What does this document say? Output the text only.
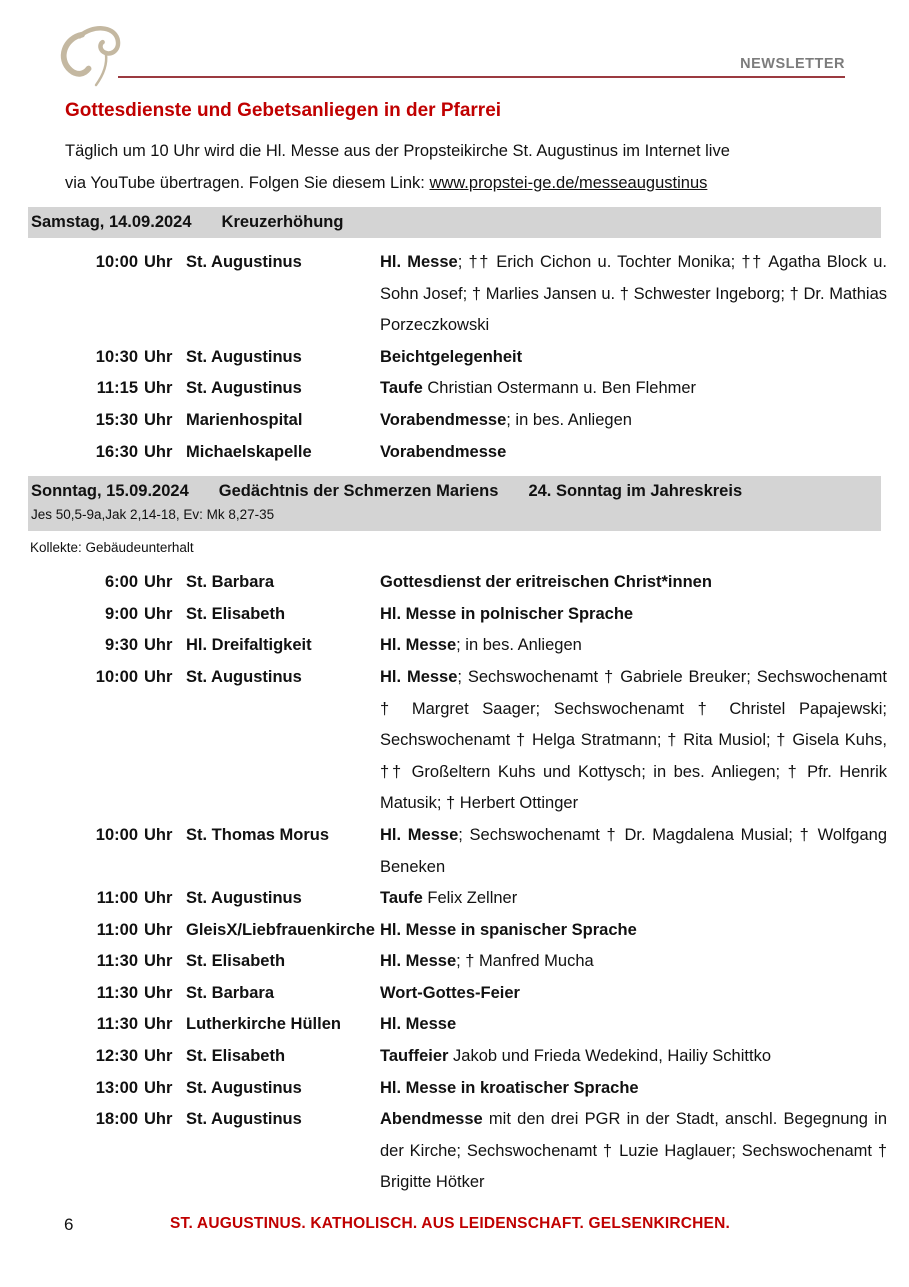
NEWSLETTER
Gottesdienste und Gebetsanliegen in der Pfarrei

Täglich um 10 Uhr wird die Hl. Messe aus der Propsteikirche St. Augustinus im Internet live
via YouTube übertragen. Folgen Sie diesem Link: www.propstei-ge.de/messeaugustinus

Samstag, 14.09.2024 Kreuzerhöhung
10:00 Uhr St. Augustinus	Hl. Messe; †† Erich Cichon u. Tochter Monika; †† Agatha Block u. Sohn Josef; † Marlies Jansen u. † Schwester Ingeborg; † Dr. Mathias Porzeczkowski
10:30 Uhr St. Augustinus	Beichtgelegenheit
11:15 Uhr St. Augustinus	Taufe Christian Ostermann u. Ben Flehmer
15:30 Uhr Marienhospital	Vorabendmesse; in bes. Anliegen
16:30 Uhr Michaelskapelle	Vorabendmesse
Sonntag, 15.09.2024 Gedächtnis der Schmerzen Mariens 24. Sonntag im Jahreskreis
Jes 50,5-9a,Jak 2,14-18, Ev: Mk 8,27-35
Kollekte: Gebäudeunterhalt
6:00 Uhr St. Barbara	Gottesdienst der eritreischen Christ*innen
9:00 Uhr St. Elisabeth	Hl. Messe in polnischer Sprache
9:30 Uhr Hl. Dreifaltigkeit	Hl. Messe; in bes. Anliegen
10:00 Uhr St. Augustinus	Hl. Messe; Sechswochenamt † Gabriele Breuker; Sechswochenamt † Margret Saager; Sechswochenamt † Christel Papajewski; Sechswochenamt † Helga Stratmann; † Rita Musiol; † Gisela Kuhs, †† Großeltern Kuhs und Kottysch; in bes. Anliegen; † Pfr. Henrik Matusik; † Herbert Ottinger
10:00 Uhr St. Thomas Morus	Hl. Messe; Sechswochenamt † Dr. Magdalena Musial; † Wolfgang Beneken
11:00 Uhr St. Augustinus	Taufe Felix Zellner
11:00 Uhr GleisX/Liebfrauenkirche Hl. Messe in spanischer Sprache
11:30 Uhr St. Elisabeth	Hl. Messe; † Manfred Mucha
11:30 Uhr St. Barbara	Wort-Gottes-Feier
11:30 Uhr Lutherkirche Hüllen	Hl. Messe
12:30 Uhr St. Elisabeth	Tauffeier Jakob und Frieda Wedekind, Hailiy Schittko
13:00 Uhr St. Augustinus	Hl. Messe in kroatischer Sprache
18:00 Uhr St. Augustinus	Abendmesse mit den drei PGR in der Stadt, anschl. Begegnung in der Kirche; Sechswochenamt † Luzie Haglauer; Sechswochenamt † Brigitte Hötker
6	ST. AUGUSTINUS. KATHOLISCH. AUS LEIDENSCHAFT. GELSENKIRCHEN.
